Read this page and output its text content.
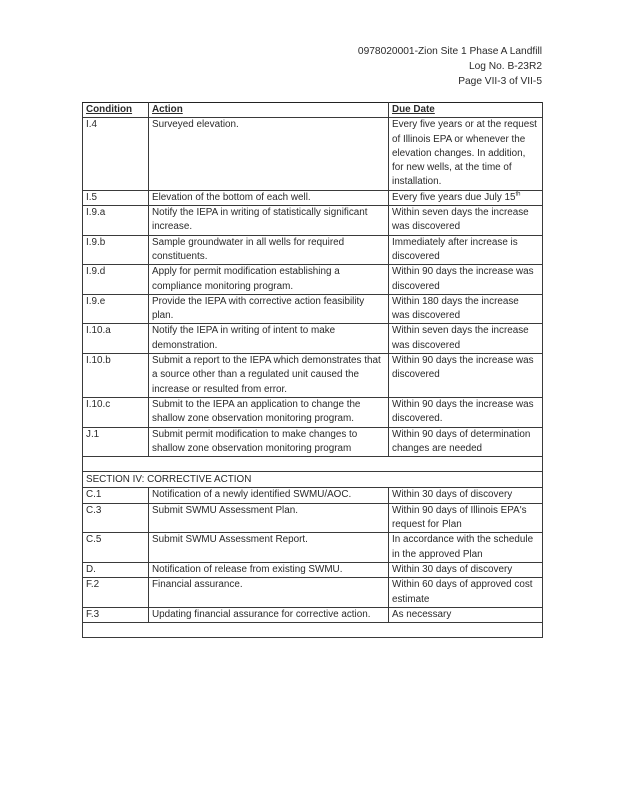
0978020001-Zion Site 1 Phase A Landfill
Log No. B-23R2
Page VII-3 of VII-5
Condition	Action	Due Date
I.4	Surveyed elevation.	Every five years or at the request of Illinois EPA or whenever the elevation changes. In addition, for new wells, at the time of installation.
I.5	Elevation of the bottom of each well.	Every five years due July 15th
I.9.a	Notify the IEPA in writing of statistically significant increase.	Within seven days the increase was discovered
I.9.b	Sample groundwater in all wells for required constituents.	Immediately after increase is discovered
I.9.d	Apply for permit modification establishing a compliance monitoring program.	Within 90 days the increase was discovered
I.9.e	Provide the IEPA with corrective action feasibility plan.	Within 180 days the increase was discovered
I.10.a	Notify the IEPA in writing of intent to make demonstration.	Within seven days the increase was discovered
I.10.b	Submit a report to the IEPA which demonstrates that a source other than a regulated unit caused the increase or resulted from error.	Within 90 days the increase was discovered
I.10.c	Submit to the IEPA an application to change the shallow zone observation monitoring program.	Within 90 days the increase was discovered.
J.1	Submit permit modification to make changes to shallow zone observation monitoring program	Within 90 days of determination changes are needed

SECTION IV: CORRECTIVE ACTION		
C.1	Notification of a newly identified SWMU/AOC.	Within 30 days of discovery
C.3	Submit SWMU Assessment Plan.	Within 90 days of Illinois EPA's request for Plan
C.5	Submit SWMU Assessment Report.	In accordance with the schedule in the approved Plan
D.	Notification of release from existing SWMU.	Within 30 days of discovery
F.2	Financial assurance.	Within 60 days of approved cost estimate
F.3	Updating financial assurance for corrective action.	As necessary
